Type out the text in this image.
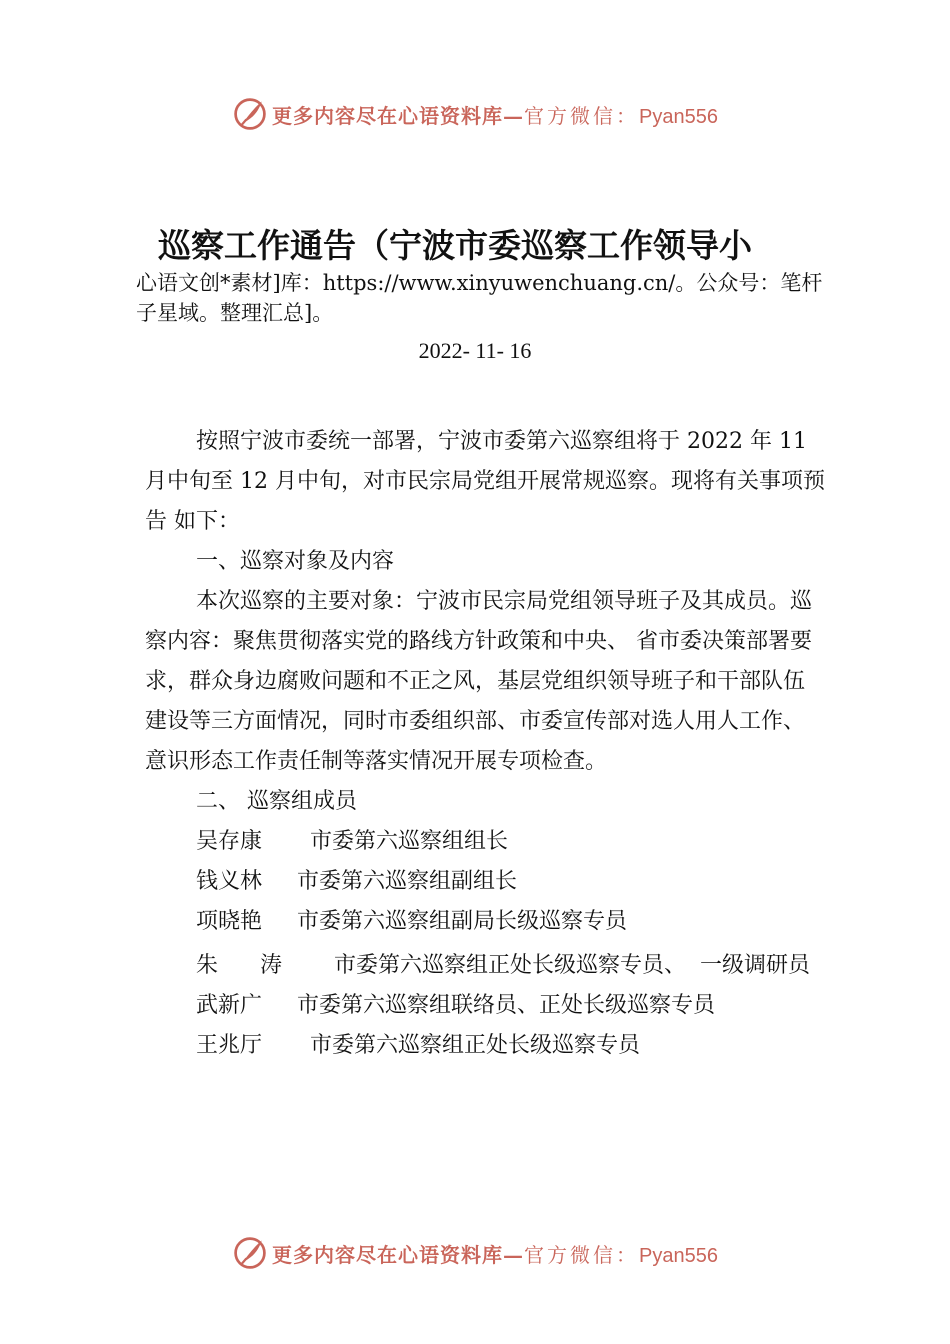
更多内容尽在心语资料库—官方微信：Pyan556
巡察工作通告（宁波市委巡察工作领导小
心语文创*素材]库：https://www.xinyuwenchuang.cn/。公众号：笔杆子星域。整理汇总]。
2022- 11- 16

按照宁波市委统一部署，宁波市委第六巡察组将于 2022 年 11 月中旬至 12 月中旬，对市民宗局党组开展常规巡察。现将有关事项预告 如下：

一、巡察对象及内容

本次巡察的主要对象：宁波市民宗局党组领导班子及其成员。巡察内容：聚焦贯彻落实党的路线方针政策和中央、 省市委决策部署要 求，群众身边腐败问题和不正之风，基层党组织领导班子和干部队伍 建设等三方面情况，同时市委组织部、市委宣传部对选人用人工作、 意识形态工作责任制等落实情况开展专项检查。

二、 巡察组成员

吴存康 市委第六巡察组组长
钱义林 市委第六巡察组副组长
项晓艳 市委第六巡察组副局长级巡察专员
朱      涛 市委第六巡察组正处长级巡察专员、  一级调研员
武新广 市委第六巡察组联络员、正处长级巡察专员
王兆厅 市委第六巡察组正处长级巡察专员
更多内容尽在心语资料库—官方微信：Pyan556
